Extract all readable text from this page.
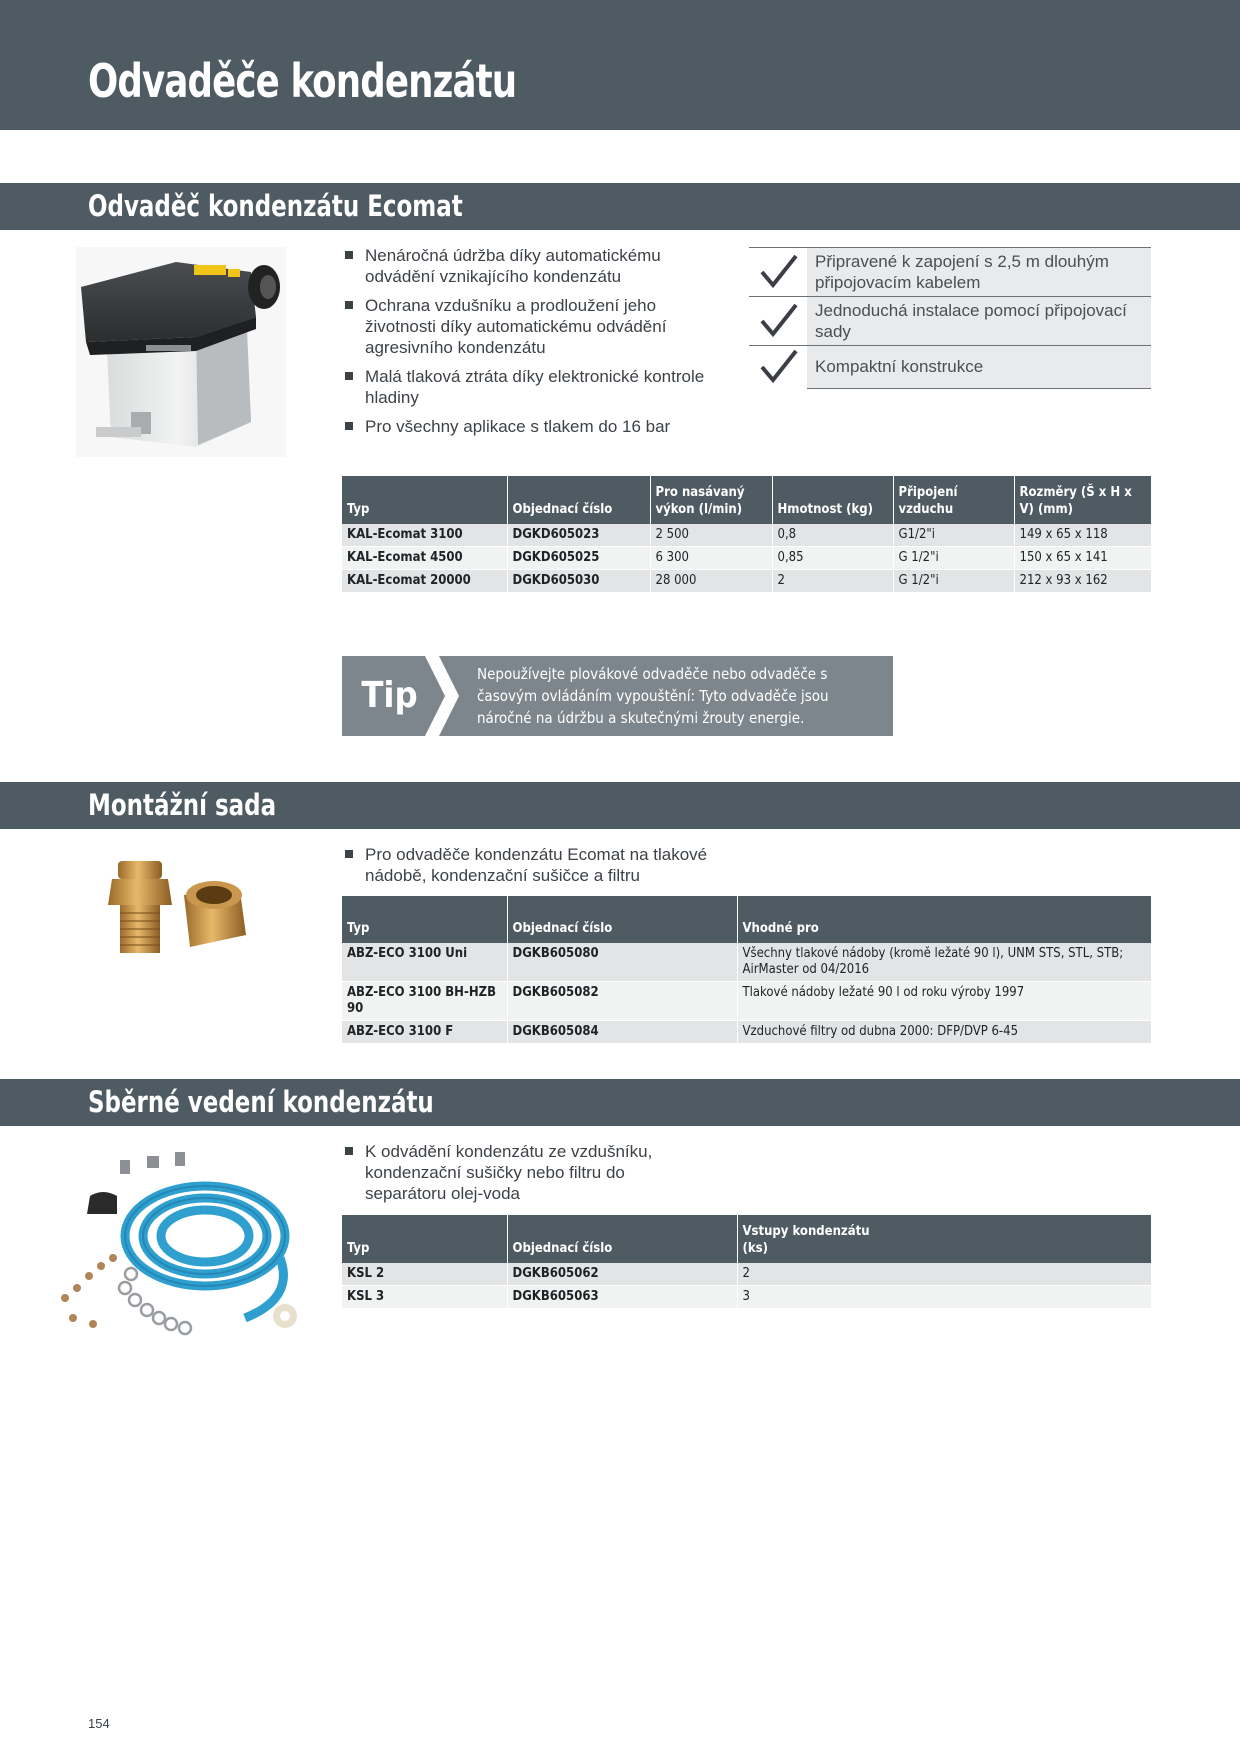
Odvaděče kondenzátu
Odvaděč kondenzátu Ecomat
Nenáročná údržba díky automatickému odvádění vznikajícího kondenzátu
Ochrana vzdušníku a prodloužení jeho životnosti díky automatickému odvádění agresivního kondenzátu
Malá tlaková ztráta díky elektronické kontrole hladiny
Pro všechny aplikace s tlakem do 16 bar
Připravené k zapojení s 2,5 m dlouhým připojovacím kabelem
Jednoduchá instalace pomocí připojovací sady
Kompaktní konstrukce
Typ	Objednací číslo	Pro nasávaný výkon (l/min)	Hmotnost (kg)	Připojení vzduchu	Rozměry (Š x H x V) (mm)
KAL-Ecomat 3100	DGKD605023	2 500	0,8	G1/2"i	149 x 65 x 118
KAL-Ecomat 4500	DGKD605025	6 300	0,85	G 1/2"i	150 x 65 x 141
KAL-Ecomat 20000	DGKD605030	28 000	2	G 1/2"i	212 x 93 x 162
Tip
Nepoužívejte plovákové odvaděče nebo odvaděče s časovým ovládáním vypouštění: Tyto odvaděče jsou náročné na údržbu a skutečnými žrouty energie.
Montážní sada
Pro odvaděče kondenzátu Ecomat na tlakové nádobě, kondenzační sušičce a filtru
Typ	Objednací číslo	Vhodné pro
ABZ-ECO 3100 Uni	DGKB605080	Všechny tlakové nádoby (kromě ležaté 90 l), UNM STS, STL, STB; AirMaster od 04/2016
ABZ-ECO 3100 BH-HZB 90	DGKB605082	Tlakové nádoby ležaté 90 l od roku výroby 1997
ABZ-ECO 3100 F	DGKB605084	Vzduchové filtry od dubna 2000: DFP/DVP 6-45
Sběrné vedení kondenzátu
K odvádění kondenzátu ze vzdušníku, kondenzační sušičky nebo filtru do separátoru olej-voda
Typ	Objednací číslo	Vstupy kondenzátu (ks)

KSL 2	DGKB605062	2
KSL 3	DGKB605063	3
154
